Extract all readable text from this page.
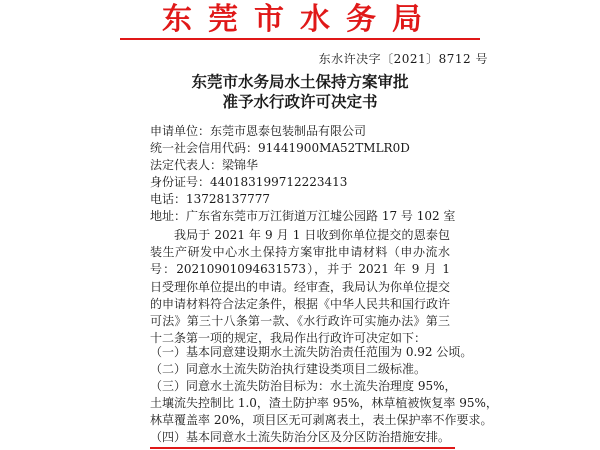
东莞市水务局
东水许决字〔2021〕8712 号
东莞市水务局水土保持方案审批
准予水行政许可决定书
申请单位：东莞市恩泰包装制品有限公司
统一社会信用代码：91441900MA52TMLR0D
法定代表人：梁锦华
身份证号：440183199712223413
电话：13728137777
地址：广东省东莞市万江街道万江墟公园路 17 号 102 室
我局于 2021 年 9 月 1 日收到你单位提交的恩泰包装生产研发中心水土保持方案审批申请材料（申办流水号：20210901094631573），并于 2021 年 9 月 1 日受理你单位提出的申请。经审查，我局认为你单位提交的申请材料符合法定条件，根据《中华人民共和国行政许可法》第三十八条第一款、《水行政许可实施办法》第三十二条第一项的规定，我局作出行政许可决定如下：
（一）基本同意建设期水土流失防治责任范围为 0.92 公顷。
（二）同意水土流失防治执行建设类项目二级标准。
（三）同意水土流失防治目标为：水土流失治理度 95%，
土壤流失控制比 1.0，渣土防护率 95%，林草植被恢复率 95%，
林草覆盖率 20%，项目区无可剥离表土，表土保护率不作要求。
（四）基本同意水土流失防治分区及分区防治措施安排。
